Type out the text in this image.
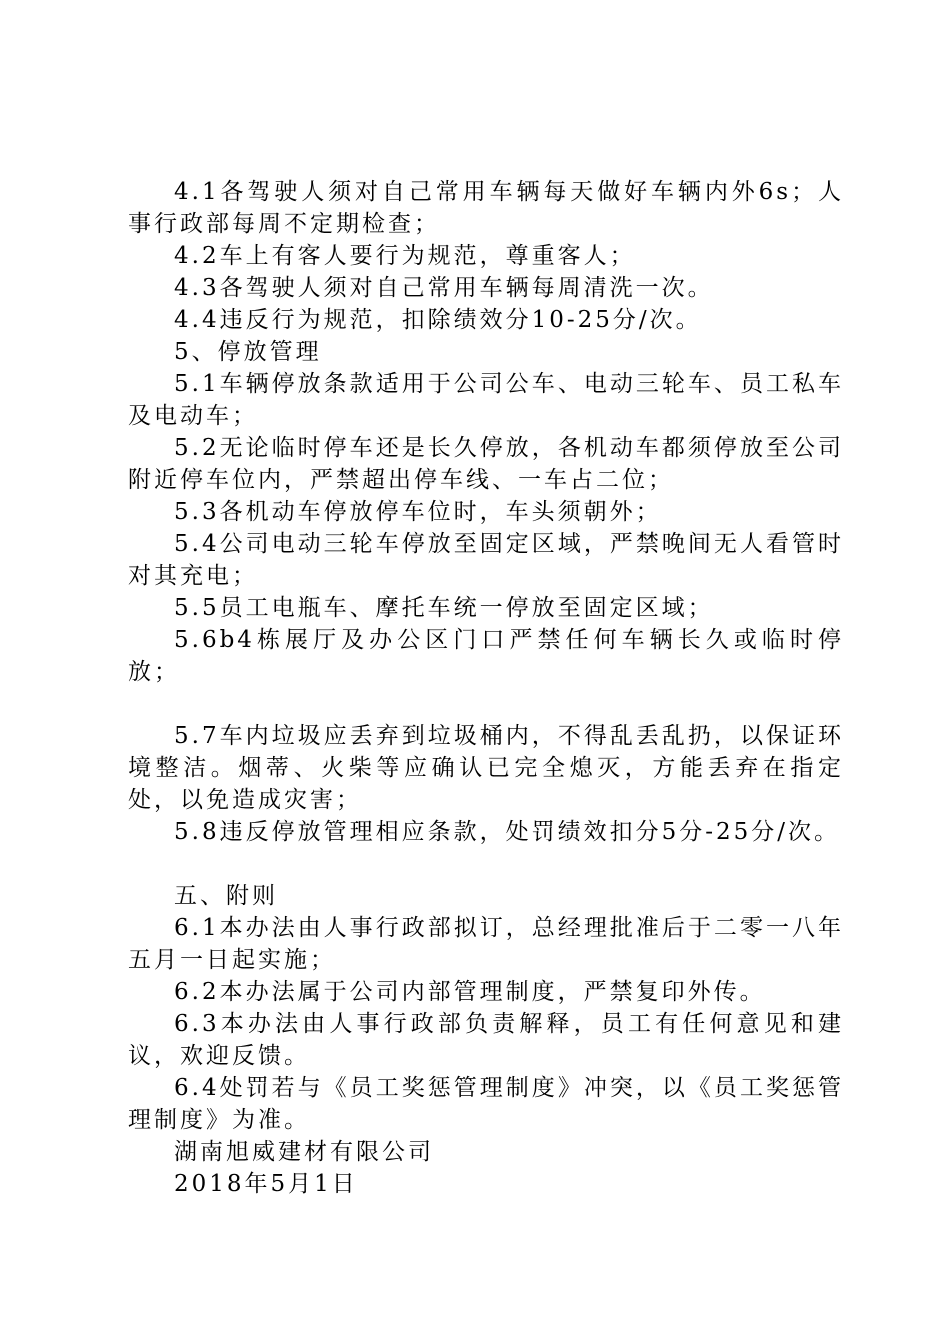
4.1各驾驶人须对自己常用车辆每天做好车辆内外6s；人事行政部每周不定期检查；

4.2车上有客人要行为规范，尊重客人；

4.3各驾驶人须对自己常用车辆每周清洗一次。

4.4违反行为规范，扣除绩效分10-25分/次。

5、停放管理

5.1车辆停放条款适用于公司公车、电动三轮车、员工私车及电动车；

5.2无论临时停车还是长久停放，各机动车都须停放至公司附近停车位内，严禁超出停车线、一车占二位；

5.3各机动车停放停车位时，车头须朝外；

5.4公司电动三轮车停放至固定区域，严禁晚间无人看管时对其充电；

5.5员工电瓶车、摩托车统一停放至固定区域；

5.6b4栋展厅及办公区门口严禁任何车辆长久或临时停放；

5.7车内垃圾应丢弃到垃圾桶内，不得乱丢乱扔，以保证环境整洁。烟蒂、火柴等应确认已完全熄灭，方能丢弃在指定处，以免造成灾害；

5.8违反停放管理相应条款，处罚绩效扣分5分-25分/次。

五、附则

6.1本办法由人事行政部拟订，总经理批准后于二零一八年五月一日起实施；

6.2本办法属于公司内部管理制度，严禁复印外传。

6.3本办法由人事行政部负责解释，员工有任何意见和建议，欢迎反馈。

6.4处罚若与《员工奖惩管理制度》冲突，以《员工奖惩管理制度》为准。

湖南旭威建材有限公司

2018年5月1日
